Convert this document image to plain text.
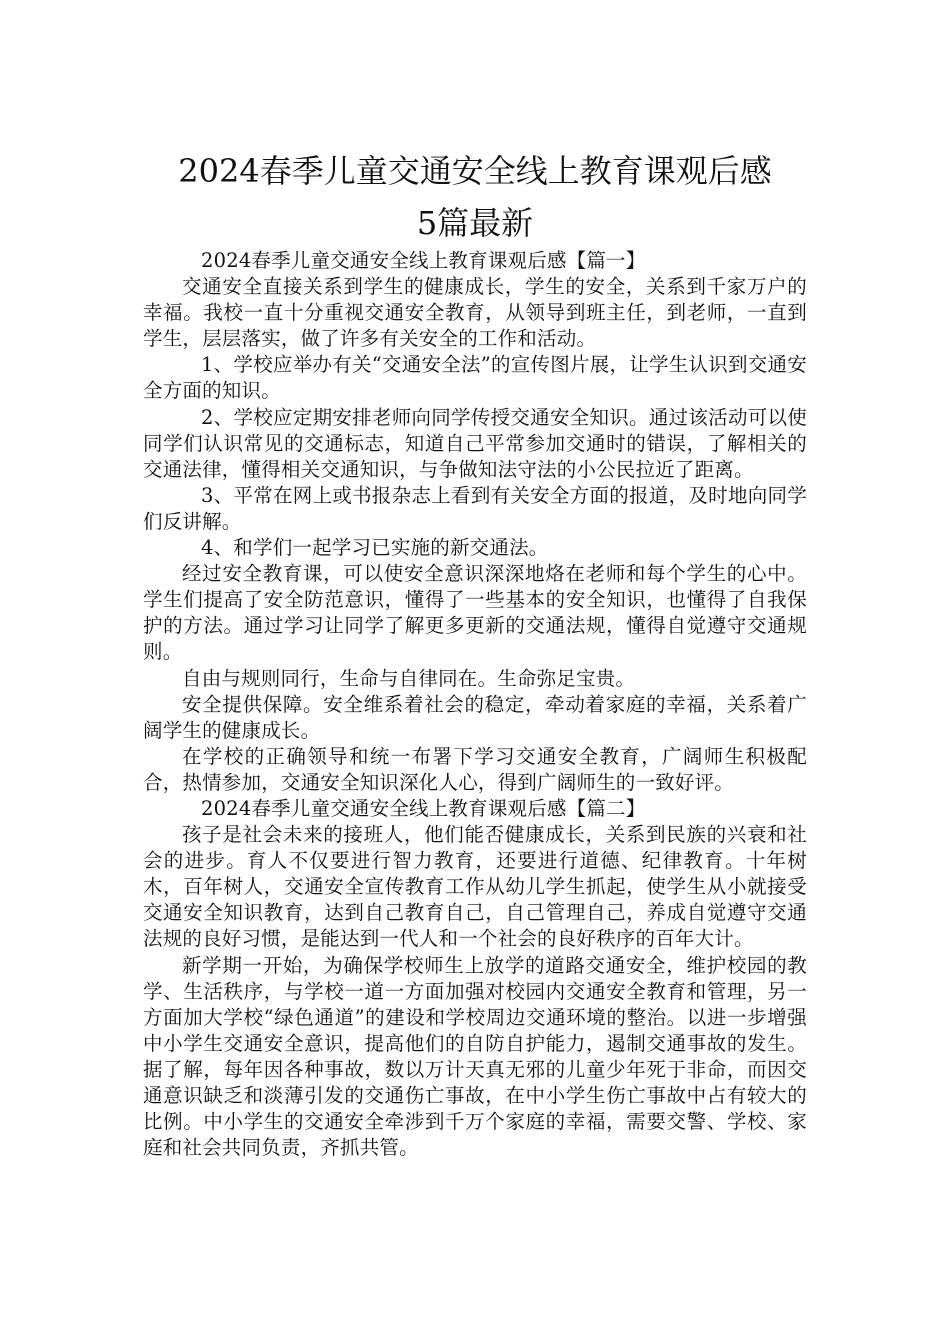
2024春季儿童交通安全线上教育课观后感
5篇最新

2024春季儿童交通安全线上教育课观后感【篇一】

交通安全直接关系到学生的健康成长，学生的安全，关系到千家万户的幸福。我校一直十分重视交通安全教育，从领导到班主任，到老师，一直到学生，层层落实，做了许多有关安全的工作和活动。

1、学校应举办有关“交通安全法”的宣传图片展，让学生认识到交通安全方面的知识。

2、学校应定期安排老师向同学传授交通安全知识。通过该活动可以使同学们认识常见的交通标志，知道自己平常参加交通时的错误，了解相关的交通法律，懂得相关交通知识，与争做知法守法的小公民拉近了距离。

3、平常在网上或书报杂志上看到有关安全方面的报道，及时地向同学们反讲解。

4、和学们一起学习已实施的新交通法。

经过安全教育课，可以使安全意识深深地烙在老师和每个学生的心中。学生们提高了安全防范意识，懂得了一些基本的安全知识，也懂得了自我保护的方法。通过学习让同学了解更多更新的交通法规，懂得自觉遵守交通规则。

自由与规则同行，生命与自律同在。生命弥足宝贵。

安全提供保障。安全维系着社会的稳定，牵动着家庭的幸福，关系着广阔学生的健康成长。

在学校的正确领导和统一布署下学习交通安全教育，广阔师生积极配合，热情参加，交通安全知识深化人心，得到广阔师生的一致好评。

2024春季儿童交通安全线上教育课观后感【篇二】

孩子是社会未来的接班人，他们能否健康成长，关系到民族的兴衰和社会的进步。育人不仅要进行智力教育，还要进行道德、纪律教育。十年树木，百年树人，交通安全宣传教育工作从幼儿学生抓起，使学生从小就接受交通安全知识教育，达到自己教育自己，自己管理自己，养成自觉遵守交通法规的良好习惯，是能达到一代人和一个社会的良好秩序的百年大计。

新学期一开始，为确保学校师生上放学的道路交通安全，维护校园的教学、生活秩序，与学校一道一方面加强对校园内交通安全教育和管理，另一方面加大学校“绿色通道”的建设和学校周边交通环境的整治。以进一步增强中小学生交通安全意识，提高他们的自防自护能力，遏制交通事故的发生。据了解，每年因各种事故，数以万计天真无邪的儿童少年死于非命，而因交通意识缺乏和淡薄引发的交通伤亡事故，在中小学生伤亡事故中占有较大的比例。中小学生的交通安全牵涉到千万个家庭的幸福，需要交警、学校、家庭和社会共同负责，齐抓共管。
